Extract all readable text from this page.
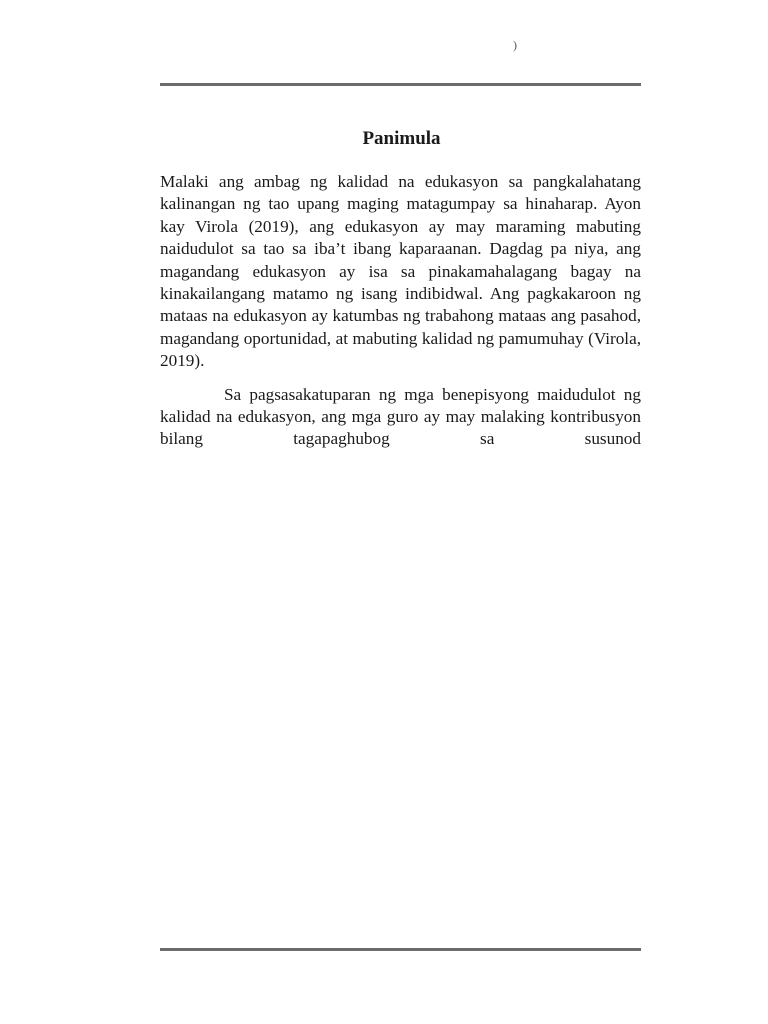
)
Panimula

Malaki ang ambag ng kalidad na edukasyon sa pangkalahatang kalinangan ng tao upang maging matagumpay sa hinaharap. Ayon kay Virola (2019), ang edukasyon ay may maraming mabuting naidudulot sa tao sa iba’t ibang kaparaanan. Dagdag pa niya, ang magandang edukasyon ay isa sa pinakamahalagang bagay na kinakailangang matamo ng isang indibidwal. Ang pagkakaroon ng mataas na edukasyon ay katumbas ng trabahong mataas ang pasahod, magandang oportunidad, at mabuting kalidad ng pamumuhay (Virola, 2019).

Sa pagsasakatuparan ng mga benepisyong maidudulot ng kalidad na edukasyon, ang mga guro ay may malaking kontribusyon bilang tagapaghubog sa susunod
